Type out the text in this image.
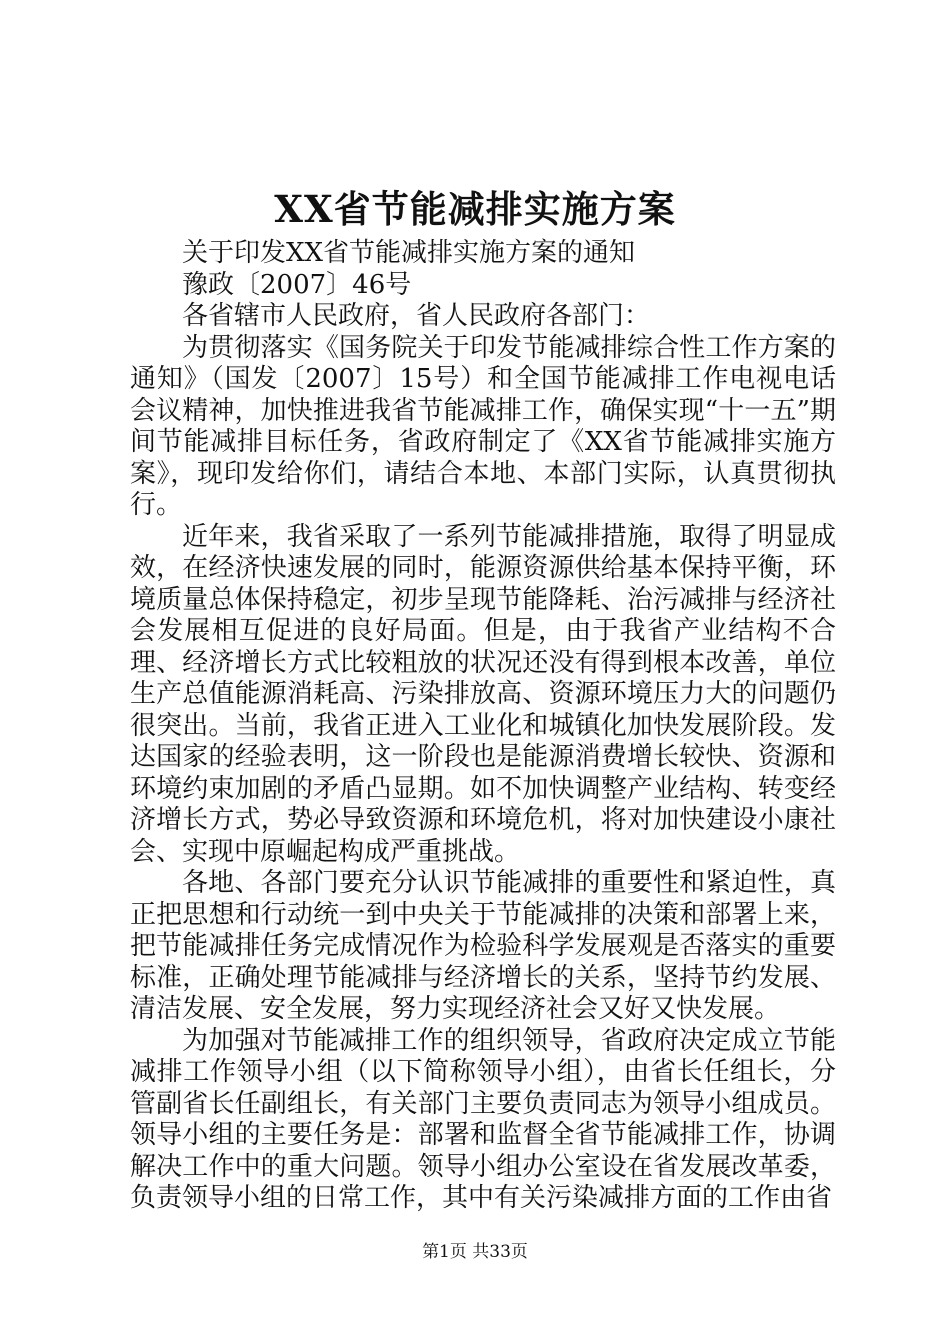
XX省节能减排实施方案

关于印发XX省节能减排实施方案的通知

豫政〔2007〕46号

各省辖市人民政府，省人民政府各部门：

为贯彻落实《国务院关于印发节能减排综合性工作方案的通知》（国发〔2007〕15号）和全国节能减排工作电视电话会议精神，加快推进我省节能减排工作，确保实现“十一五”期间节能减排目标任务，省政府制定了《XX省节能减排实施方案》，现印发给你们，请结合本地、本部门实际，认真贯彻执行。

近年来，我省采取了一系列节能减排措施，取得了明显成效，在经济快速发展的同时，能源资源供给基本保持平衡，环境质量总体保持稳定，初步呈现节能降耗、治污减排与经济社会发展相互促进的良好局面。但是，由于我省产业结构不合理、经济增长方式比较粗放的状况还没有得到根本改善，单位生产总值能源消耗高、污染排放高、资源环境压力大的问题仍很突出。当前，我省正进入工业化和城镇化加快发展阶段。发达国家的经验表明，这一阶段也是能源消费增长较快、资源和环境约束加剧的矛盾凸显期。如不加快调整产业结构、转变经济增长方式，势必导致资源和环境危机，将对加快建设小康社会、实现中原崛起构成严重挑战。

各地、各部门要充分认识节能减排的重要性和紧迫性，真正把思想和行动统一到中央关于节能减排的决策和部署上来，把节能减排任务完成情况作为检验科学发展观是否落实的重要标准，正确处理节能减排与经济增长的关系，坚持节约发展、清洁发展、安全发展，努力实现经济社会又好又快发展。

为加强对节能减排工作的组织领导，省政府决定成立节能减排工作领导小组（以下简称领导小组），由省长任组长，分管副省长任副组长，有关部门主要负责同志为领导小组成员。领导小组的主要任务是：部署和监督全省节能减排工作，协调解决工作中的重大问题。领导小组办公室设在省发展改革委，负责领导小组的日常工作，其中有关污染减排方面的工作由省

第1页 共33页
